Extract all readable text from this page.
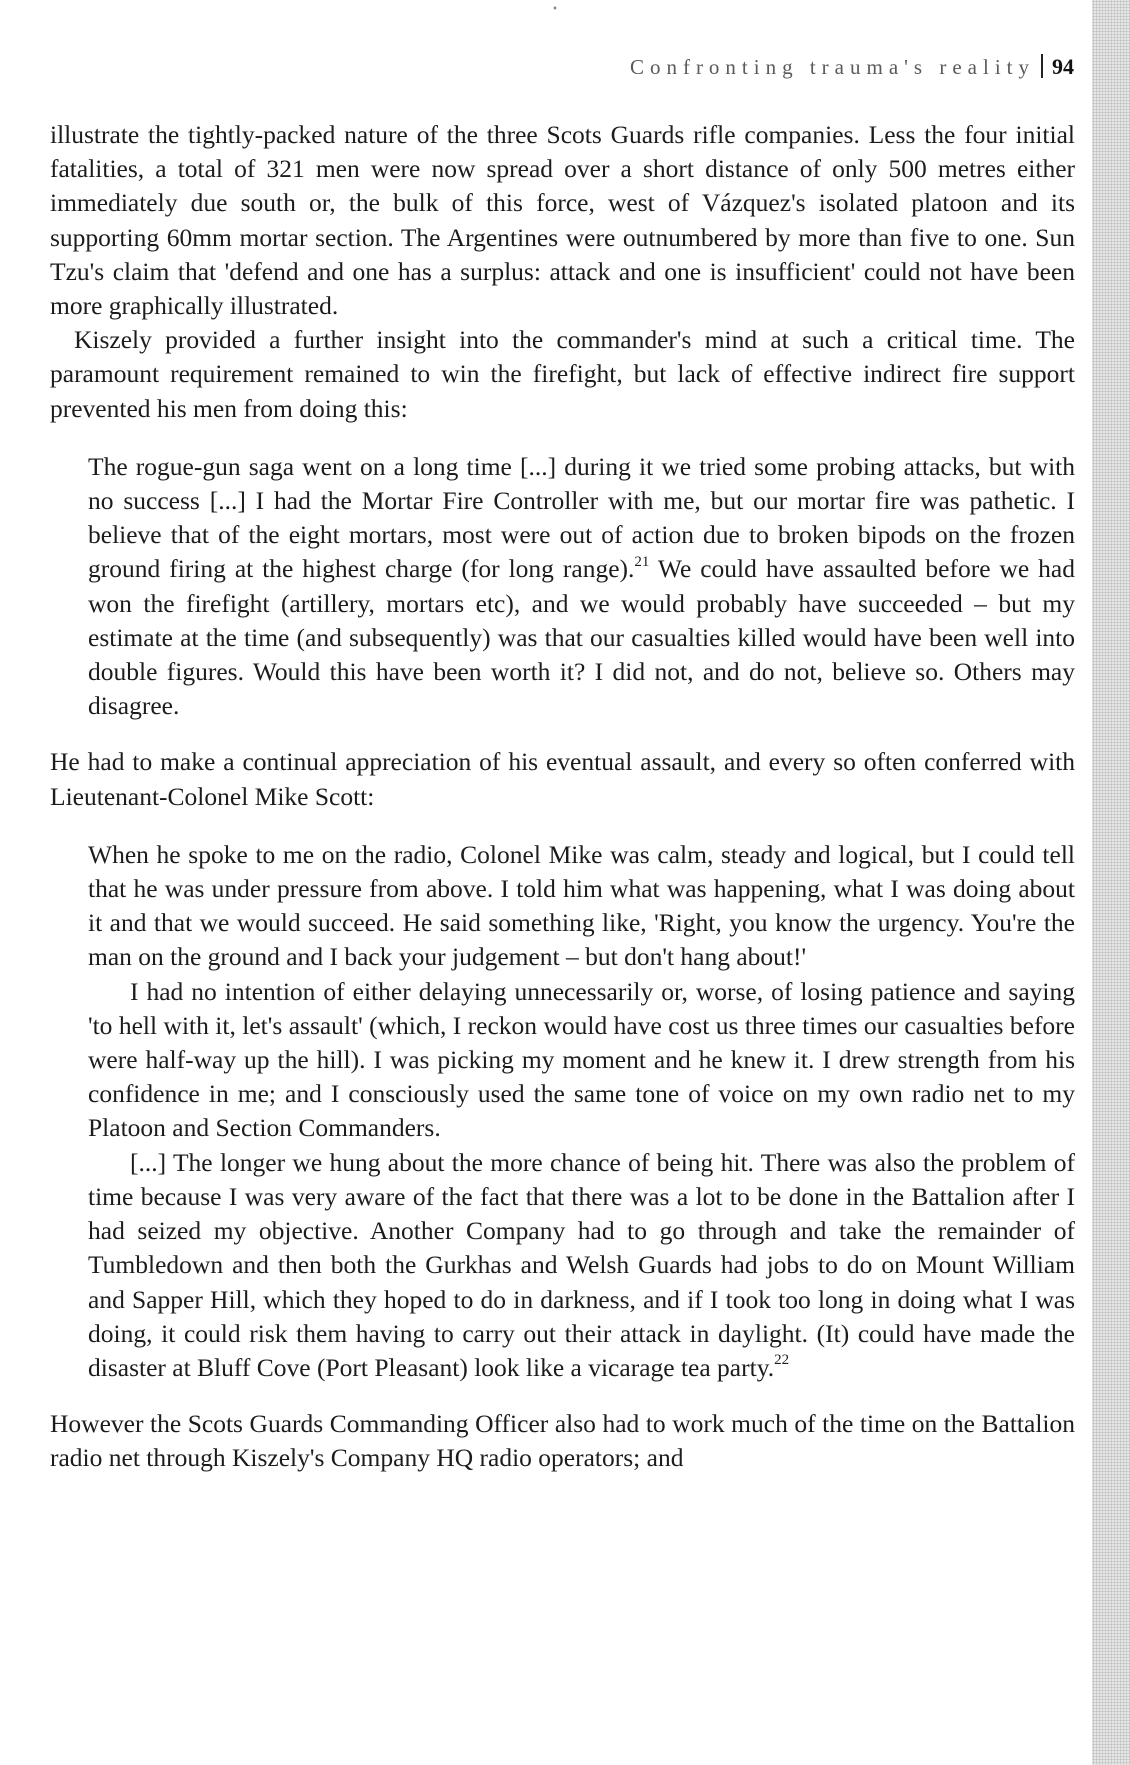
•
Confronting trauma's reality 94

illustrate the tightly-packed nature of the three Scots Guards rifle companies. Less the four initial fatalities, a total of 321 men were now spread over a short distance of only 500 metres either immediately due south or, the bulk of this force, west of Vázquez's isolated platoon and its supporting 60mm mortar section. The Argentines were outnumbered by more than five to one. Sun Tzu's claim that 'defend and one has a surplus: attack and one is insufficient' could not have been more graphically illustrated.

Kiszely provided a further insight into the commander's mind at such a critical time. The paramount requirement remained to win the firefight, but lack of effective indirect fire support prevented his men from doing this:

The rogue-gun saga went on a long time [...] during it we tried some probing attacks, but with no success [...] I had the Mortar Fire Controller with me, but our mortar fire was pathetic. I believe that of the eight mortars, most were out of action due to broken bipods on the frozen ground firing at the highest charge (for long range).$^{21}$ We could have assaulted before we had won the firefight (artillery, mortars etc), and we would probably have succeeded – but my estimate at the time (and subsequently) was that our casualties killed would have been well into double figures. Would this have been worth it? I did not, and do not, believe so. Others may disagree.

He had to make a continual appreciation of his eventual assault, and every so often conferred with Lieutenant-Colonel Mike Scott:

When he spoke to me on the radio, Colonel Mike was calm, steady and logical, but I could tell that he was under pressure from above. I told him what was happening, what I was doing about it and that we would succeed. He said something like, 'Right, you know the urgency. You're the man on the ground and I back your judgement – but don't hang about!'

I had no intention of either delaying unnecessarily or, worse, of losing patience and saying 'to hell with it, let's assault' (which, I reckon would have cost us three times our casualties before were half-way up the hill). I was picking my moment and he knew it. I drew strength from his confidence in me; and I consciously used the same tone of voice on my own radio net to my Platoon and Section Commanders.

[...] The longer we hung about the more chance of being hit. There was also the problem of time because I was very aware of the fact that there was a lot to be done in the Battalion after I had seized my objective. Another Company had to go through and take the remainder of Tumbledown and then both the Gurkhas and Welsh Guards had jobs to do on Mount William and Sapper Hill, which they hoped to do in darkness, and if I took too long in doing what I was doing, it could risk them having to carry out their attack in daylight. (It) could have made the disaster at Bluff Cove (Port Pleasant) look like a vicarage tea party.$^{22}$

However the Scots Guards Commanding Officer also had to work much of the time on the Battalion radio net through Kiszely's Company HQ radio operators; and
